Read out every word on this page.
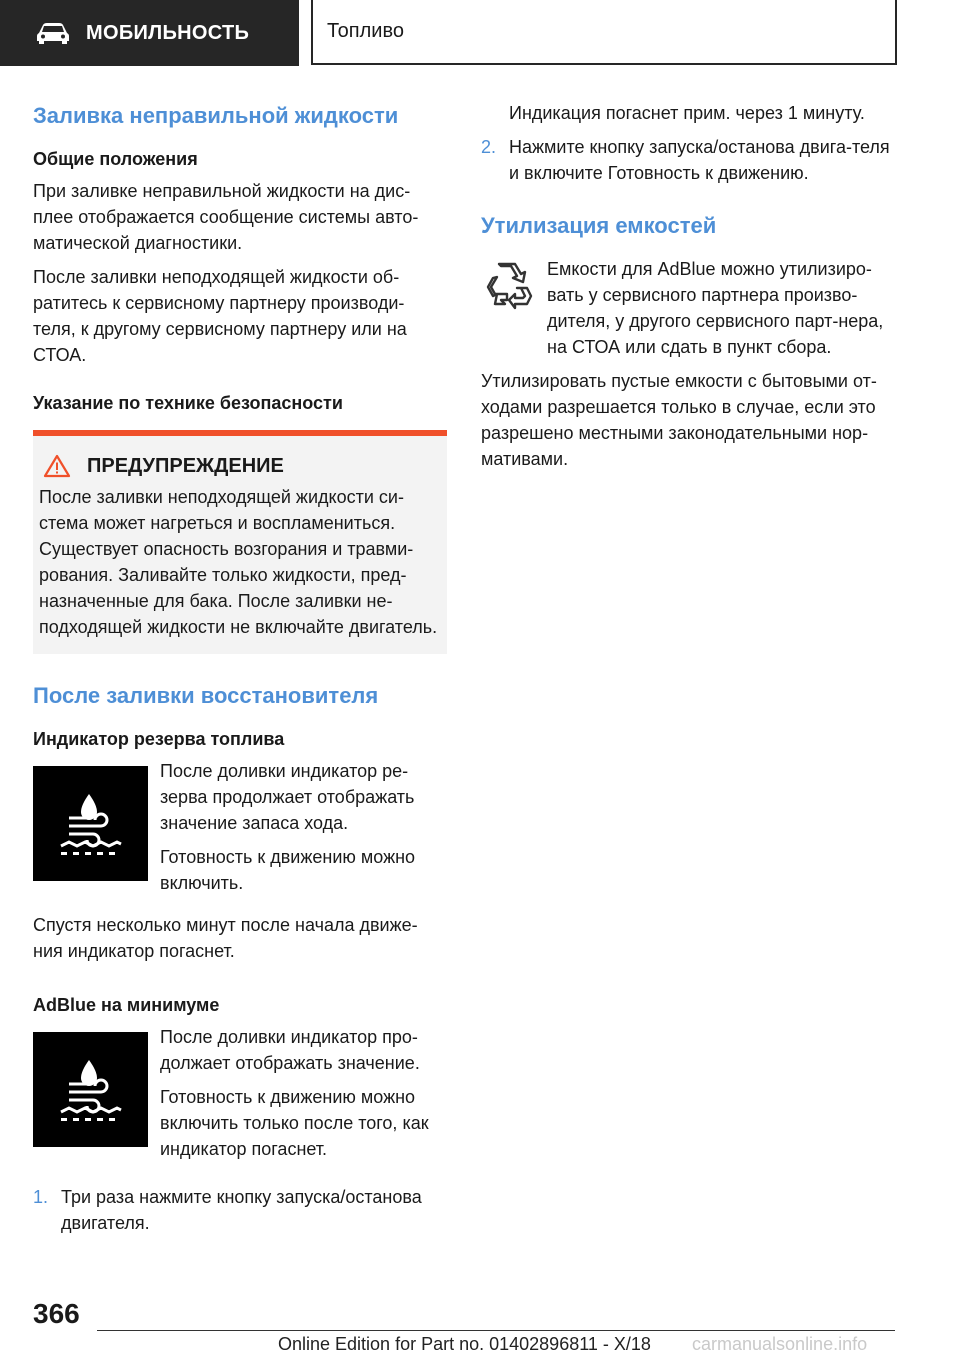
МОБИЛЬНОСТЬ	Топливо
Заливка неправильной жидкости
Общие положения

При заливке неправильной жидкости на дис-плее отображается сообщение системы авто-матической диагностики.

После заливки неподходящей жидкости об-ратитесь к сервисному партнеру производи-теля, к другому сервисному партнеру или на СТОА.

Указание по технике безопасности
ПРЕДУПРЕЖДЕНИЕ

После заливки неподходящей жидкости си-стема может нагреться и воспламениться. Существует опасность возгорания и травми-рования. Заливайте только жидкости, пред-назначенные для бака. После заливки не-подходящей жидкости не включайте двигатель.

После заливки восстановителя
Индикатор резерва топлива

После доливки индикатор ре-зерва продолжает отображать значение запаса хода.

Готовность к движению можно включить.

Спустя несколько минут после начала движе-ния индикатор погаснет.

AdBlue на минимуме

После доливки индикатор про-должает отображать значение.

Готовность к движению можно включить только после того, как индикатор погаснет.

1. Три раза нажмите кнопку запуска/останова двигателя.

Индикация погаснет прим. через 1 минуту.

2. Нажмите кнопку запуска/останова двига-теля и включите Готовность к движению.
Утилизация емкостей

Емкости для AdBlue можно утилизиро-вать у сервисного партнера произво-дителя, у другого сервисного парт-нера, на СТОА или сдать в пункт сбора.

Утилизировать пустые емкости с бытовыми от-ходами разрешается только в случае, если это разрешено местными законодательными нор-мативами.

366
Online Edition for Part no. 01402896811 - X/18 carmanualsonline.info
